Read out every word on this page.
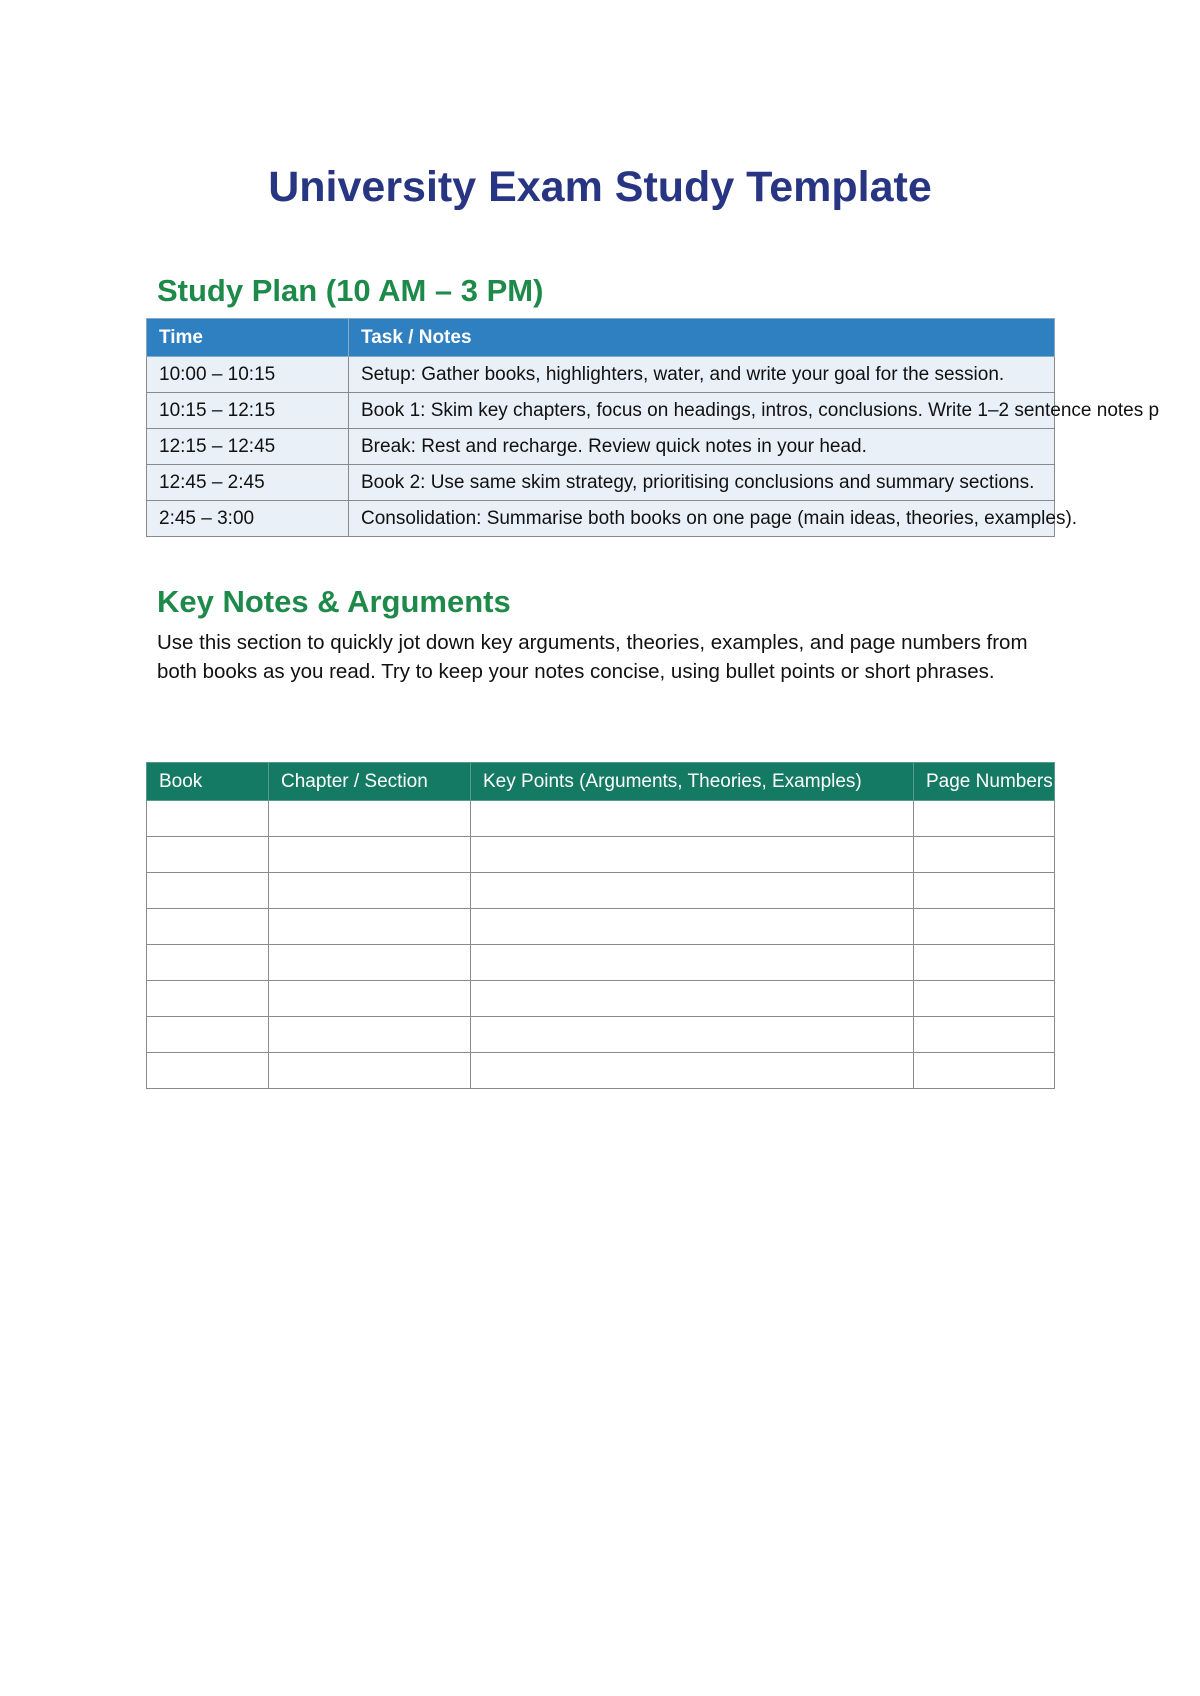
University Exam Study Template
Study Plan (10 AM – 3 PM)
Time	Task / Notes
10:00 – 10:15	Setup: Gather books, highlighters, water, and write your goal for the session.
10:15 – 12:15	Book 1: Skim key chapters, focus on headings, intros, conclusions. Write 1–2 sentence notes p
12:15 – 12:45	Break: Rest and recharge. Review quick notes in your head.
12:45 – 2:45	Book 2: Use same skim strategy, prioritising conclusions and summary sections.
2:45 – 3:00	Consolidation: Summarise both books on one page (main ideas, theories, examples).
Key Notes & Arguments

Use this section to quickly jot down key arguments, theories, examples, and page numbers from both books as you read. Try to keep your notes concise, using bullet points or short phrases.

Book	Chapter / Section	Key Points (Arguments, Theories, Examples)	Page Numbers
